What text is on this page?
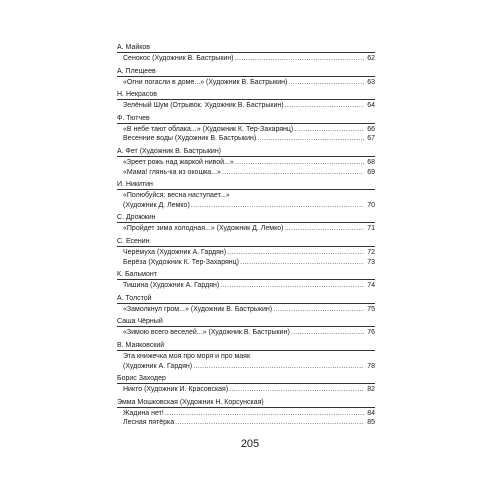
А. Майков
Сенокос (Художник В. Бастрыкин) .....	62
А. Плещеев
«Огни погасли в доме...» (Художник В. Бастрыкин) .....	63
Н. Некрасов
Зелёный Шум (Отрывок. Художник В. Бастрыкин) .....	64
Ф. Тютчев
«В небе тают облака...» (Художник К. Тер-Захарянц) .....	66
Весенние воды (Художник В. Бастрыкин) .....	67
А. Фет (Художник В. Бастрыкин)
«Зреет рожь над жаркой нивой...» .....	68
«Мама! глянь-ка из окошка...» .....	69
И. Никитин
«Полюбуйся: весна наступает...»
(Художник Д. Лемко) .....	70
С. Дрожжин
«Пройдет зима холодная...» (Художник Д. Лемко) .....	71
С. Есенин
Черёмуха (Художник А. Гардян) .....	72
Берёза (Художник К. Тер-Захарянц) .....	73
К. Бальмонт
Тишина (Художник А. Гардян) .....	74
А. Толстой
«Замолкнул гром...» (Художник В. Бастрыкин) .....	75
Саша Чёрный
«Зимою всего веселей...» (Художник В. Бастрыкин) .....	76
В. Маяковский
Эта книжечка моя про моря и про маяк
(Художник А. Гардян) .....	78
Борис Заходер
Никто (Художник И. Красовская) .....	82
Эмма Мошковская (Художник Н. Корсунская)
Жадина нет! .....	84
Лесная пятёрка .....	85
205
